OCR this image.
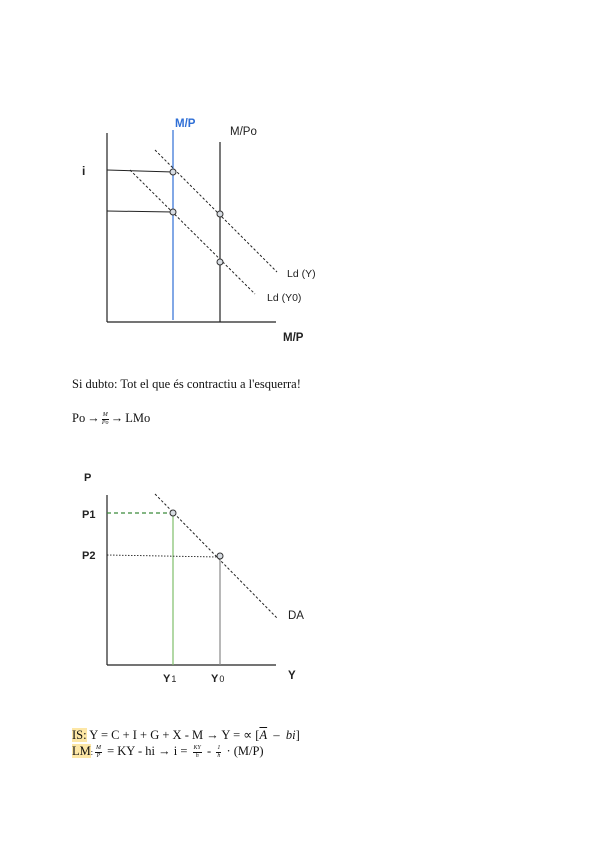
i
M/P
M/Po
Ld (Y)
Ld (Y0)
M/P
Si dubto: Tot el que és contractiu a l'esquerra!
$Po \to \frac{M}{Po}$ → LMo
P
P1
P2
DA
Y
Y1	Y0
IS: Y = C + I + G + X - M → Y = ∝ $[\overline{A} - bi]$
LM: $\frac{M}{P}$ = KY - hi → $i = \frac{KY}{h} - \frac{1}{h} \cdot (M/P)$
